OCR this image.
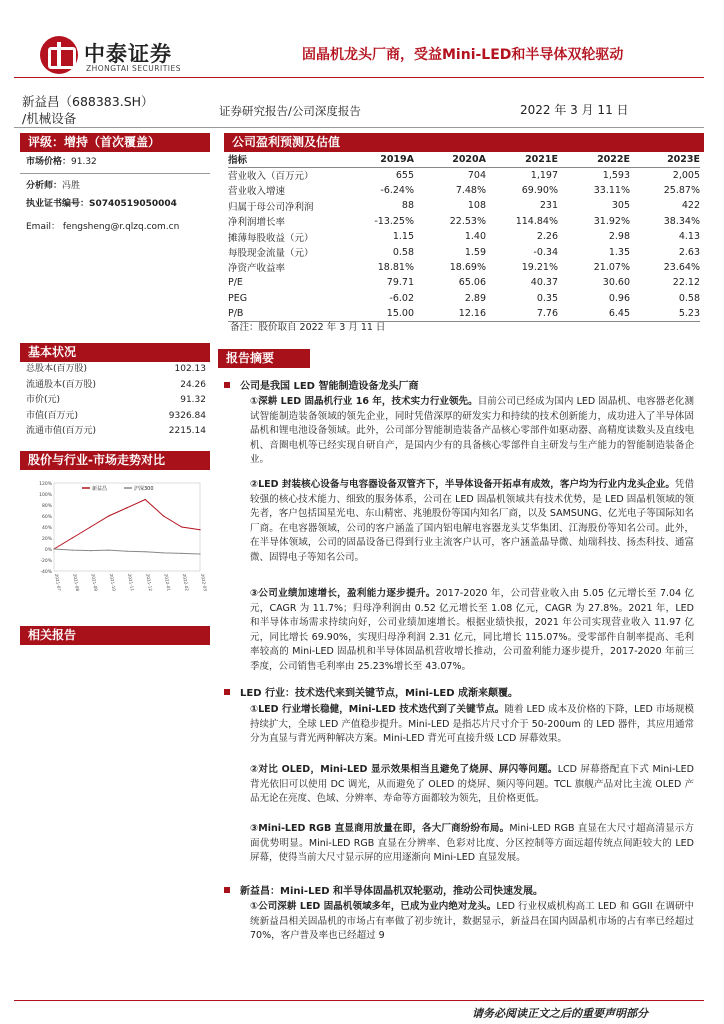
中泰证券
ZHONGTAI SECURITIES
固晶机龙头厂商，受益Mini-LED和半导体双轮驱动
新益昌（688383.SH）
/机械设备	证券研究报告/公司深度报告	2022 年 3 月 11 日
评级：增持（首次覆盖）
市场价格：91.32
分析师：冯胜
执业证书编号：S0740519050004
Email： fengsheng@r.qlzq.com.cn
基本状况
总股本(百万股)	102.13
流通股本(百万股)	24.26
市价(元)	91.32
市值(百万元)	9326.84
流通市值(百万元)	2215.14
股价与行业-市场走势对比
120%
100%
80%
60%
40%
20%
0%
-20%
-40%
2021-07 2021-08 2021-09 2021-10 2021-11 2021-12 2022-01 2022-02 2022-03
新益昌	沪深300
相关报告
公司盈利预测及估值
指标	2019A	2020A	2021E	2022E	2023E
营业收入（百万元）	655	704	1,197	1,593	2,005
营业收入增速	-6.24%	7.48%	69.90%	33.11%	25.87%
归属于母公司净利润	88	108	231	305	422
净利润增长率	-13.25%	22.53%	114.84%	31.92%	38.34%
摊薄每股收益（元）	1.15	1.40	2.26	2.98	4.13
每股现金流量（元）	0.58	1.59	-0.34	1.35	2.63
净资产收益率	18.81%	18.69%	19.21%	21.07%	23.64%
P/E	79.71	65.06	40.37	30.60	22.12
PEG	-6.02	2.89	0.35	0.96	0.58
P/B	15.00	12.16	7.76	6.45	5.23
备注：股价取自 2022 年 3 月 11 日
报告摘要
公司是我国 LED 智能制造设备龙头厂商
①深耕 LED 固晶机行业 16 年，技术实力行业领先。目前公司已经成为国内 LED 固晶机、电容器老化测试智能制造装备领域的领先企业，同时凭借深厚的研发实力和持续的技术创新能力，成功进入了半导体固晶机和锂电池设备领域。此外，公司部分智能制造装备产品核心零部件如驱动器、高精度读数头及直线电机、音圈电机等已经实现自研自产，是国内少有的具备核心零部件自主研发与生产能力的智能制造装备企业。
②LED 封装核心设备与电容器设备双管齐下，半导体设备开拓卓有成效，客户均为行业内龙头企业。凭借较强的核心技术能力、细致的服务体系，公司在 LED 固晶机领域共有技术优势，是 LED 固晶机领域的领先者，客户包括国星光电、东山精密、兆驰股份等国内知名厂商，以及 SAMSUNG、亿光电子等国际知名厂商。在电容器领域，公司的客户涵盖了国内铝电解电容器龙头艾华集团、江海股份等知名公司。此外，在半导体领域，公司的固晶设备已得到行业主流客户认可，客户涵盖晶导微、灿瑞科技、扬杰科技、通富微、固锝电子等知名公司。
③公司业绩加速增长，盈利能力逐步提升。2017-2020 年，公司营业收入由 5.05 亿元增长至 7.04 亿元，CAGR 为 11.7%；归母净利润由 0.52 亿元增长至 1.08 亿元，CAGR 为 27.8%。2021 年，LED 和半导体市场需求持续向好，公司业绩加速增长。根据业绩快报，2021 年公司实现营业收入 11.97 亿元，同比增长 69.90%，实现归母净利润 2.31 亿元，同比增长 115.07%。受零部件自制率提高、毛利率较高的 Mini-LED 固晶机和半导体固晶机营收增长推动，公司盈利能力逐步提升，2017-2020 年前三季度，公司销售毛利率由 25.23%增长至 43.07%。
LED 行业：技术迭代来到关键节点，Mini-LED 成渐来颠覆。
①LED 行业增长稳健，Mini-LED 技术迭代到了关键节点。随着 LED 成本及价格的下降，LED 市场规模持续扩大，全球 LED 产值稳步提升。Mini-LED 是指芯片尺寸介于 50-200um 的 LED 器件，其应用通常分为直显与背光两种解决方案。Mini-LED 背光可直接升级 LCD 屏幕效果。
②对比 OLED，Mini-LED 显示效果相当且避免了烧屏、屏闪等问题。LCD 屏幕搭配直下式 Mini-LED 背光依旧可以使用 DC 调光，从而避免了 OLED 的烧屏、频闪等问题。TCL 旗舰产品对比主流 OLED 产品无论在亮度、色域、分辨率、寿命等方面都较为领先，且价格更低。
③Mini-LED RGB 直显商用放量在即，各大厂商纷纷布局。Mini-LED RGB 直显在大尺寸超高清显示方面优势明显。Mini-LED RGB 直显在分辨率、色彩对比度、分区控制等方面远超传统点间距较大的 LED 屏幕，使得当前大尺寸显示屏的应用逐渐向 Mini-LED 直显发展。
新益昌：Mini-LED 和半导体固晶机双轮驱动，推动公司快速发展。
①公司深耕 LED 固晶机领域多年，已成为业内绝对龙头。LED 行业权威机构高工 LED 和 GGII 在调研中统新益昌相关固晶机的市场占有率做了初步统计，数据显示，新益昌在国内固晶机市场的占有率已经超过 70%，客户普及率也已经超过 9
请务必阅读正文之后的重要声明部分
